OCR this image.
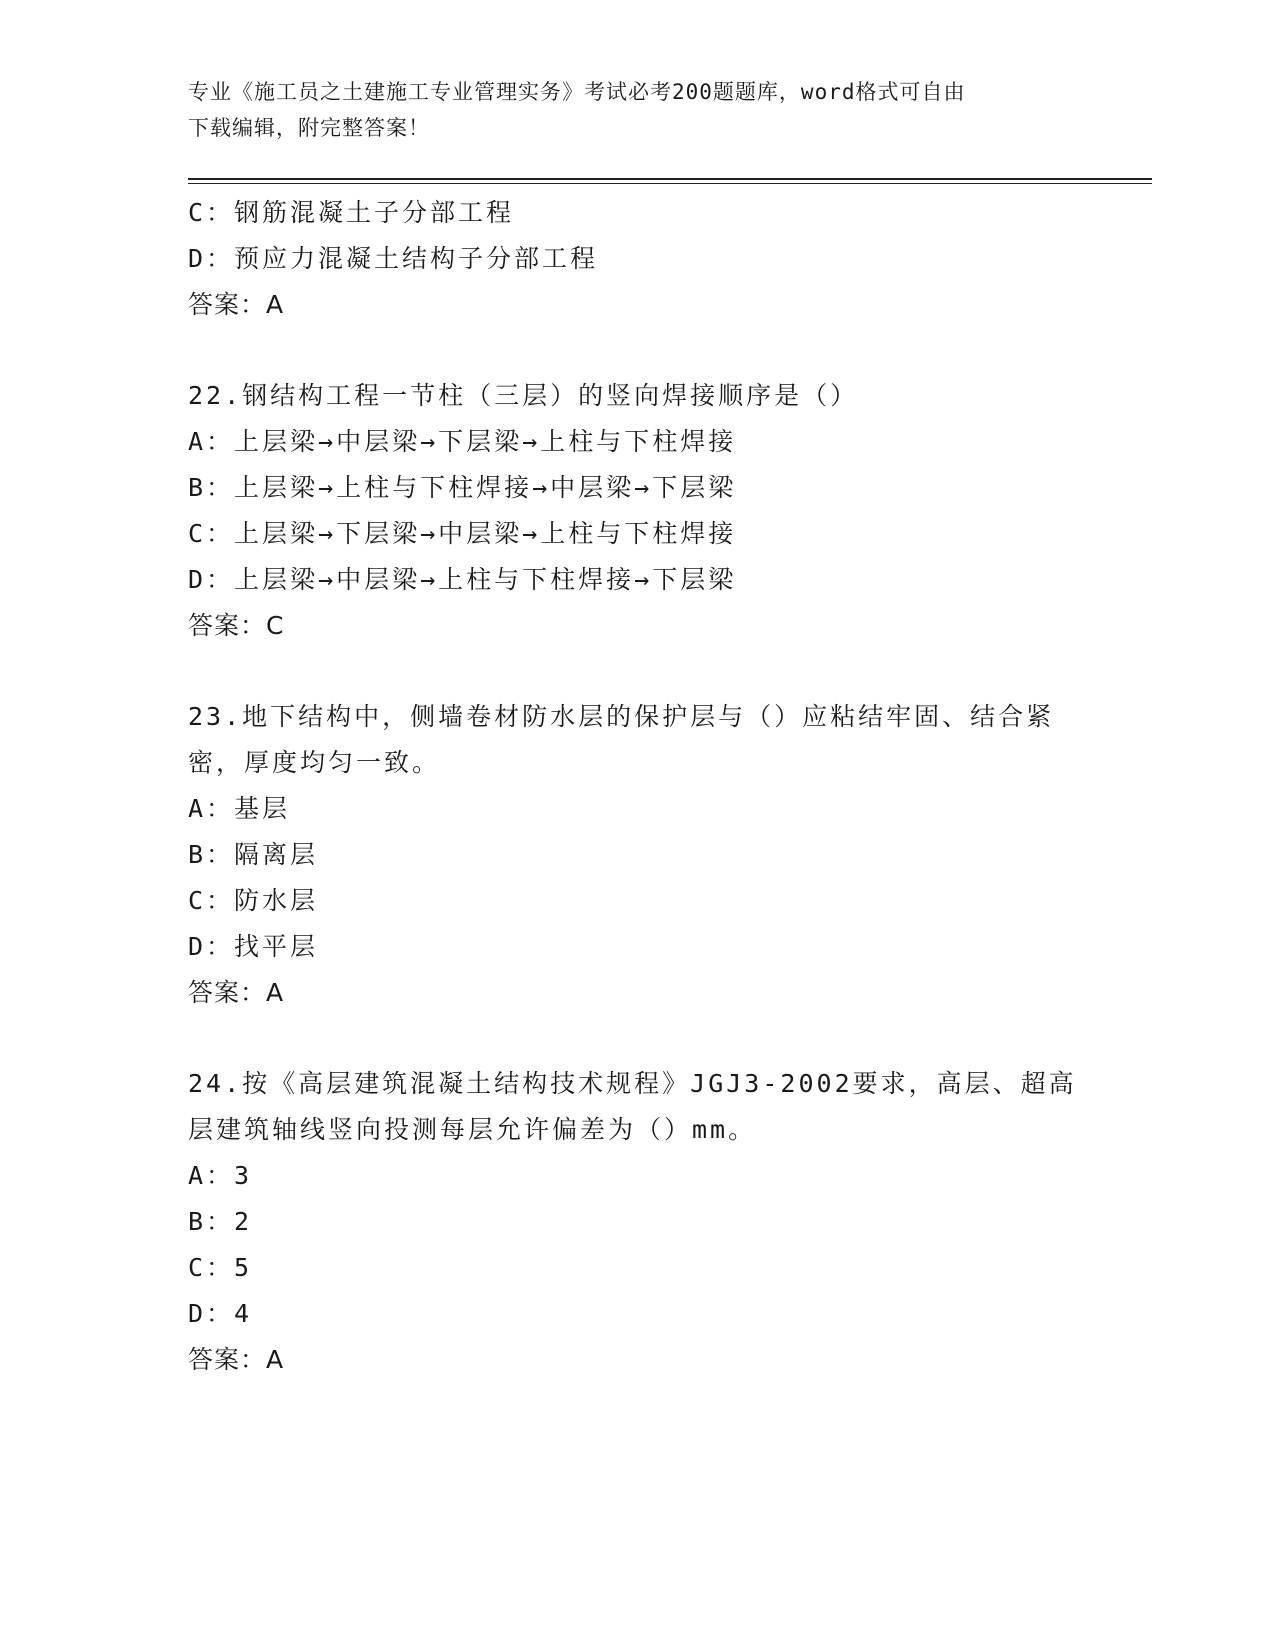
专业《施工员之土建施工专业管理实务》考试必考200题题库，word格式可自由
下载编辑，附完整答案！
C：钢筋混凝土子分部工程
D：预应力混凝土结构子分部工程
答案：A
22.钢结构工程一节柱（三层）的竖向焊接顺序是（）
A：上层梁→中层梁→下层梁→上柱与下柱焊接
B：上层梁→上柱与下柱焊接→中层梁→下层梁
C：上层梁→下层梁→中层梁→上柱与下柱焊接
D：上层梁→中层梁→上柱与下柱焊接→下层梁
答案：C
23.地下结构中，侧墙卷材防水层的保护层与（）应粘结牢固、结合紧
密，厚度均匀一致。
A：基层
B：隔离层
C：防水层
D：找平层
答案：A
24.按《高层建筑混凝土结构技术规程》JGJ3-2002要求，高层、超高
层建筑轴线竖向投测每层允许偏差为（）mm。
A：3
B：2
C：5
D：4
答案：A
